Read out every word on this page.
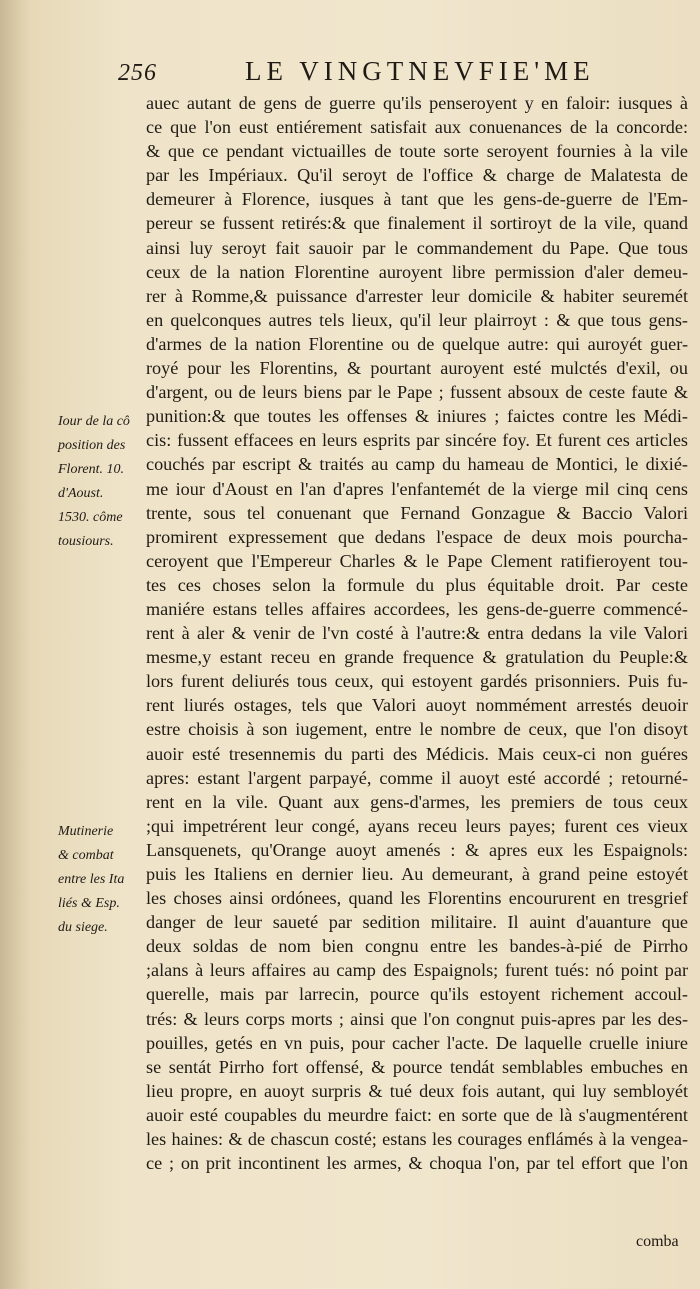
256	LE VINGTNEVFIE'ME
Iour de la cô
position des
Florent. 10.
d'Aoust.
1530. côme
tousiours.
Mutinerie
& combat
entre les Ita
liés & Esp.
du siege.
auec autant de gens de guerre qu'ils penseroyent y en faloir: iusques à
ce que l'on eust entiérement satisfait aux conuenances de la concorde:
& que ce pendant victuailles de toute sorte seroyent fournies à la vile
par les Impériaux. Qu'il seroyt de l'office & charge de Malatesta de
demeurer à Florence, iusques à tant que les gens-de-guerre de l'Em-
pereur se fussent retirés:& que finalement il sortiroyt de la vile, quand
ainsi luy seroyt fait sauoir par le commandement du Pape. Que tous
ceux de la nation Florentine auroyent libre permission d'aler demeu-
rer à Romme,& puissance d'arrester leur domicile & habiter seuremét
en quelconques autres tels lieux, qu'il leur plairroyt : & que tous gens-
d'armes de la nation Florentine ou de quelque autre: qui auroyét guer-
royé pour les Florentins, & pourtant auroyent esté mulctés d'exil, ou
d'argent, ou de leurs biens par le Pape ; fussent absoux de ceste faute &
punition:& que toutes les offenses & iniures ; faictes contre les Médi-
cis: fussent effacees en leurs esprits par sincére foy. Et furent ces articles
couchés par escript & traités au camp du hameau de Montici, le dixié-
me iour d'Aoust en l'an d'apres l'enfantemét de la vierge mil cinq cens
trente, sous tel conuenant que Fernand Gonzague & Baccio Valori
promirent expressement que dedans l'espace de deux mois pourcha-
ceroyent que l'Empereur Charles & le Pape Clement ratifieroyent tou-
tes ces choses selon la formule du plus équitable droit. Par ceste
maniére estans telles affaires accordees, les gens-de-guerre commencé-
rent à aler & venir de l'vn costé à l'autre:& entra dedans la vile Valori
mesme,y estant receu en grande frequence & gratulation du Peuple:&
lors furent deliurés tous ceux, qui estoyent gardés prisonniers. Puis fu-
rent liurés ostages, tels que Valori auoyt nommément arrestés deuoir
estre choisis à son iugement, entre le nombre de ceux, que l'on disoyt
auoir esté tresennemis du parti des Médicis. Mais ceux-ci non guéres
apres: estant l'argent parpayé, comme il auoyt esté accordé ; retourné-
rent en la vile. Quant aux gens-d'armes, les premiers de tous ceux
;qui impetrérent leur congé, ayans receu leurs payes; furent ces vieux
Lansquenets, qu'Orange auoyt amenés : & apres eux les Espaignols:
puis les Italiens en dernier lieu. Au demeurant, à grand peine estoyét
les choses ainsi ordónees, quand les Florentins encoururent en tresgrief
danger de leur saueté par sedition militaire. Il auint d'auanture que
deux soldas de nom bien congnu entre les bandes-à-pié de Pirrho
;alans à leurs affaires au camp des Espaignols; furent tués: nó point par
querelle, mais par larrecin, pource qu'ils estoyent richement accoul-
trés: & leurs corps morts ; ainsi que l'on congnut puis-apres par les des-
pouilles, getés en vn puis, pour cacher l'acte. De laquelle cruelle iniure
se sentát Pirrho fort offensé, & pource tendát semblables embuches en
lieu propre, en auoyt surpris & tué deux fois autant, qui luy sembloyét
auoir esté coupables du meurdre faict: en sorte que de là s'augmentérent
les haines: & de chascun costé; estans les courages enflámés à la vengea-
ce ; on prit incontinent les armes, & choqua l'on, par tel effort que l'on
comba
